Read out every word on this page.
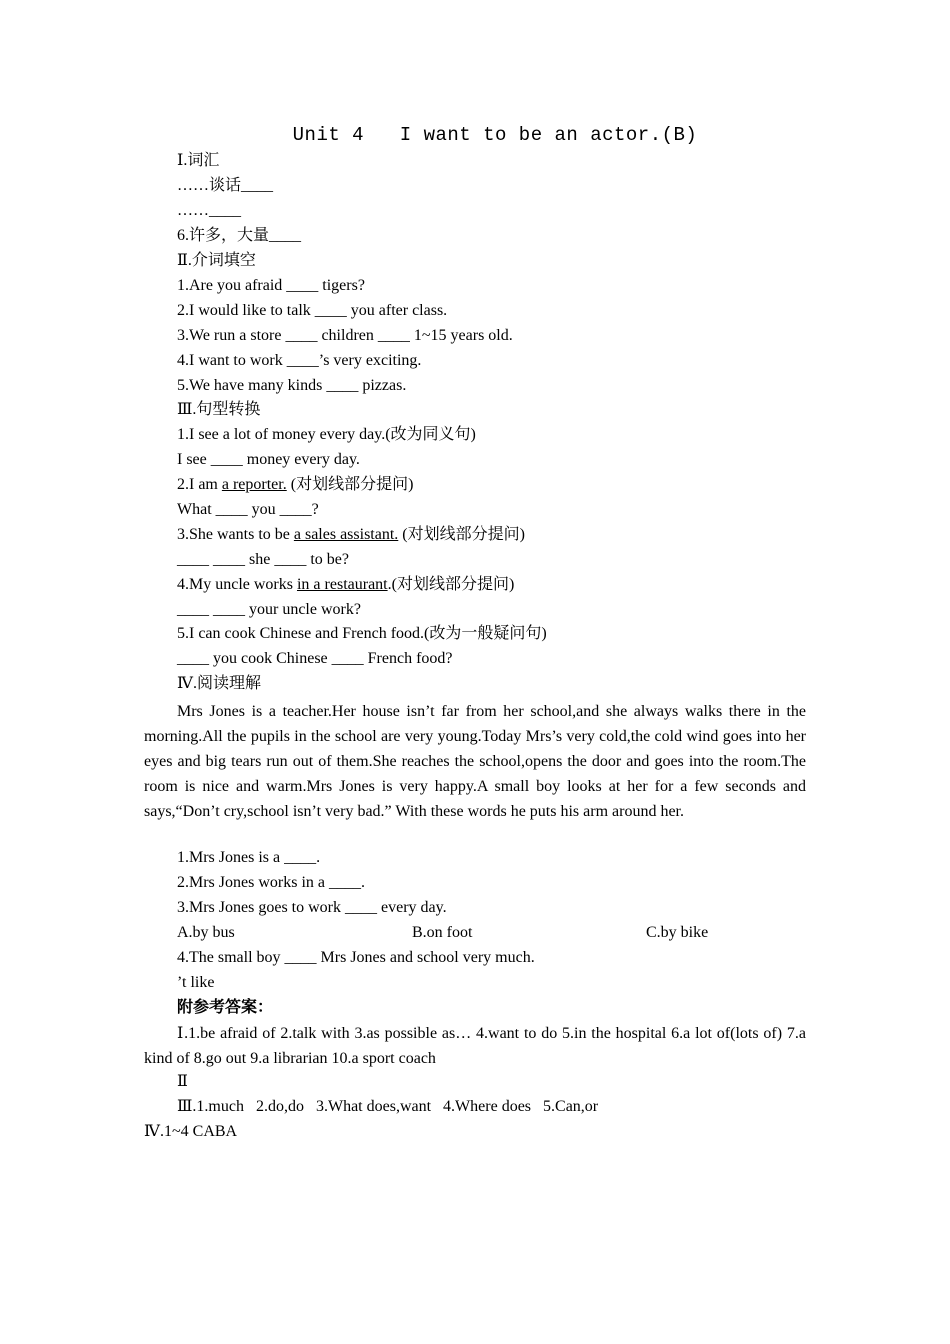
Unit 4   I want to be an actor.(B)
Ⅰ.词汇
……谈话____
……____
6.许多，大量____
Ⅱ.介词填空
1.Are you afraid ____ tigers?
2.I would like to talk ____ you after class.
3.We run a store ____ children ____ 1~15 years old.
4.I want to work ____’s very exciting.
5.We have many kinds ____ pizzas.
Ⅲ.句型转换
1.I see a lot of money every day.(改为同义句)
I see ____ money every day.
2.I am a reporter. (对划线部分提问)
What ____ you ____?
3.She wants to be a sales assistant. (对划线部分提问)
____ ____ she ____ to be?
4.My uncle works in a restaurant.(对划线部分提问)
____ ____ your uncle work?
5.I can cook Chinese and French food.(改为一般疑问句)
____ you cook Chinese ____ French food?
Ⅳ.阅读理解
Mrs Jones is a teacher.Her house isn’t far from her school,and she always walks there in the morning.All the pupils in the school are very young.Today Mrs’s very cold,the cold wind goes into her eyes and big tears run out of them.She reaches the school,opens the door and goes into the room.The room is nice and warm.Mrs Jones is very happy.A small boy looks at her for a few seconds and says,“Don’t cry,school isn’t very bad.” With these words he puts his arm around her.
1.Mrs Jones is a ____.
2.Mrs Jones works in a ____.
3.Mrs Jones goes to work ____ every day.
A.by bus	B.on foot	C.by bike
4.The small boy ____ Mrs Jones and school very much.
’t like
附参考答案：
Ⅰ.1.be afraid of 2.talk with 3.as possible as… 4.want to do 5.in the hospital 6.a lot of(lots of) 7.a kind of 8.go out 9.a librarian 10.a sport coach
Ⅱ
Ⅲ.1.much   2.do,do   3.What does,want   4.Where does   5.Can,or
Ⅳ.1~4 CABA
